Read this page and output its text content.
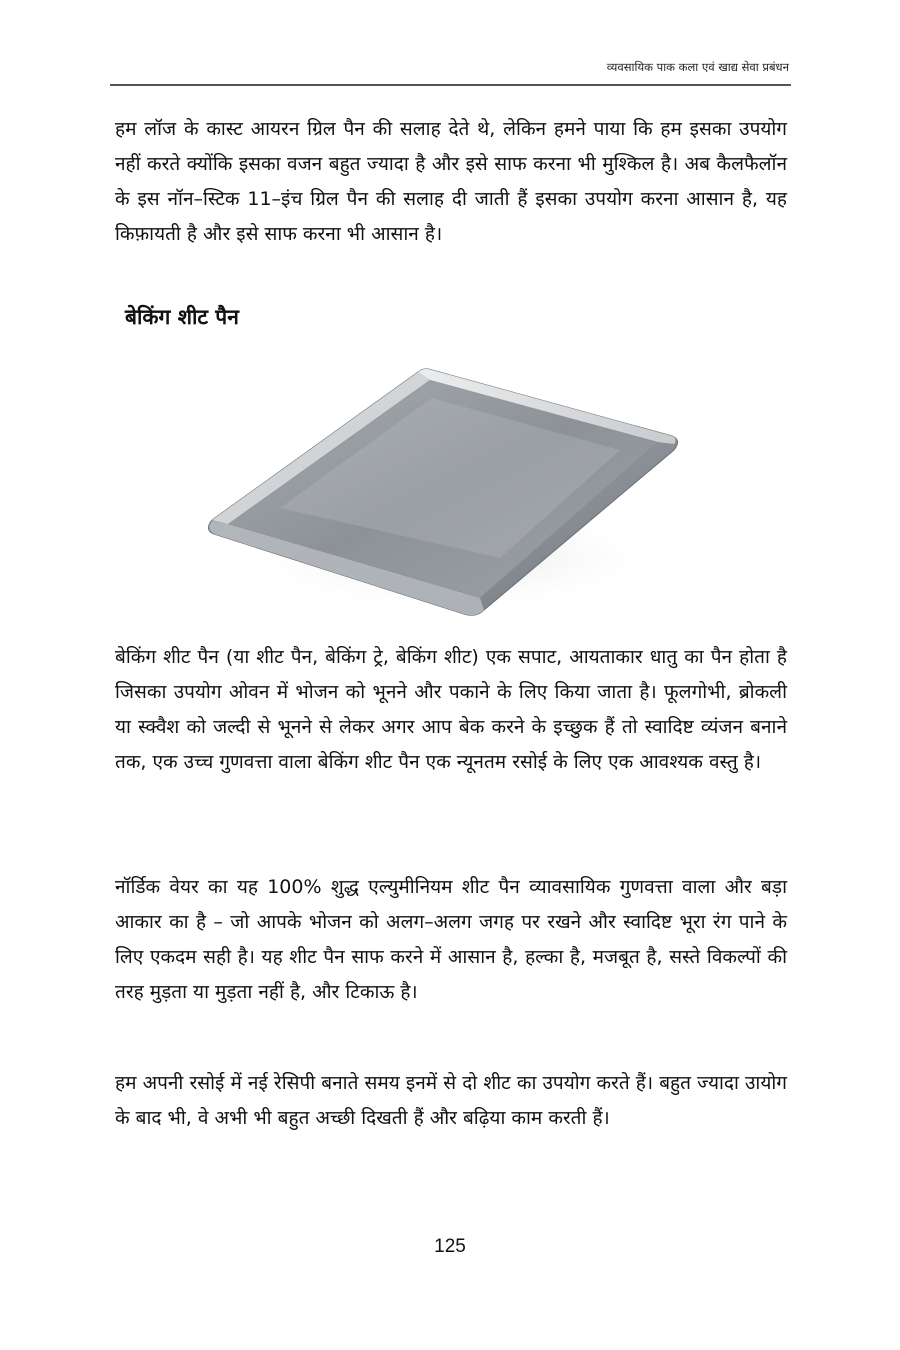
व्यवसायिक पाक कला एवं खाद्य सेवा प्रबंधन

हम लॉज के कास्ट आयरन ग्रिल पैन की सलाह देते थे, लेकिन हमने पाया कि हम इसका उपयोग नहीं करते क्योंकि इसका वजन बहुत ज्यादा है और इसे साफ करना भी मुश्किल है। अब कैलफैलॉन के इस नॉन–स्टिक 11–इंच ग्रिल पैन की सलाह दी जाती हैं इसका उपयोग करना आसान है, यह किफ़ायती है और इसे साफ करना भी आसान है।

बेकिंग शीट पैन

बेकिंग शीट पैन (या शीट पैन, बेकिंग ट्रे, बेकिंग शीट) एक सपाट, आयताकार धातु का पैन होता है जिसका उपयोग ओवन में भोजन को भूनने और पकाने के लिए किया जाता है। फूलगोभी, ब्रोकली या स्क्वैश को जल्दी से भूनने से लेकर अगर आप बेक करने के इच्छुक हैं तो स्वादिष्ट व्यंजन बनाने तक, एक उच्च गुणवत्ता वाला बेकिंग शीट पैन एक न्यूनतम रसोई के लिए एक आवश्यक वस्तु है।

नॉर्डिक वेयर का यह 100% शुद्ध एल्युमीनियम शीट पैन व्यावसायिक गुणवत्ता वाला और बड़ा आकार का है – जो आपके भोजन को अलग–अलग जगह पर रखने और स्वादिष्ट भूरा रंग पाने के लिए एकदम सही है। यह शीट पैन साफ करने में आसान है, हल्का है, मजबूत है, सस्ते विकल्पों की तरह मुड़ता या मुड़ता नहीं है, और टिकाऊ है।

हम अपनी रसोई में नई रेसिपी बनाते समय इनमें से दो शीट का उपयोग करते हैं। बहुत ज्यादा उायोग के बाद भी, वे अभी भी बहुत अच्छी दिखती हैं और बढ़िया काम करती हैं।

125
